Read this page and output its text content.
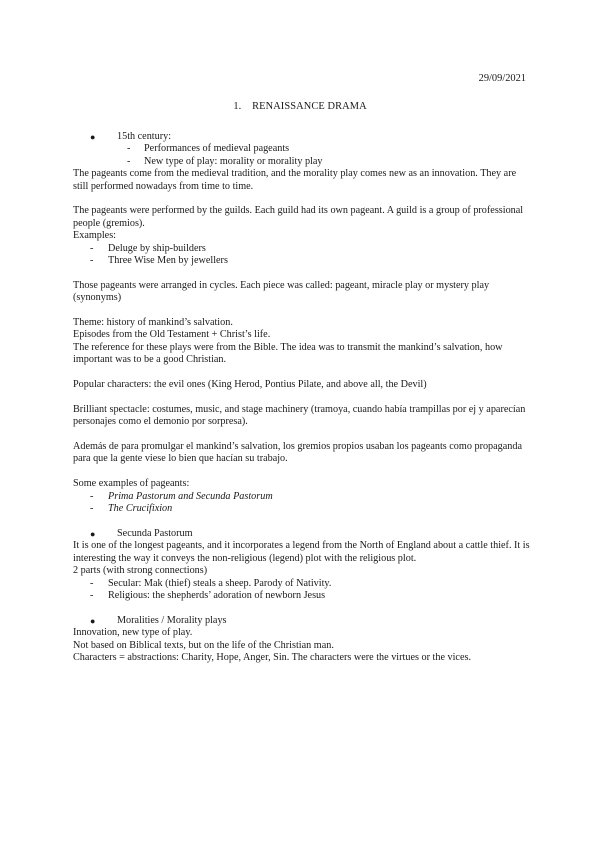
29/09/2021
1. RENAISSANCE DRAMA
● 15th century:
- Performances of medieval pageants
- New type of play: morality or morality play

The pageants come from the medieval tradition, and the morality play comes new as an innovation. They are still performed nowadays from time to time.

The pageants were performed by the guilds. Each guild had its own pageant. A guild is a group of professional people (gremios).

Examples:

- Deluge by ship-builders
- Three Wise Men by jewellers

Those pageants were arranged in cycles. Each piece was called: pageant, miracle play or mystery play (synonyms)

Theme: history of mankind’s salvation.

Episodes from the Old Testament + Christ’s life.

The reference for these plays were from the Bible. The idea was to transmit the mankind’s salvation, how important was to be a good Christian.

Popular characters: the evil ones (King Herod, Pontius Pilate, and above all, the Devil)

Brilliant spectacle: costumes, music, and stage machinery (tramoya, cuando había trampillas por ej y aparecían personajes como el demonio por sorpresa).

Además de para promulgar el mankind’s salvation, los gremios propios usaban los pageants como propaganda para que la gente viese lo bien que hacían su trabajo.

Some examples of pageants:

- Prima Pastorum and Secunda Pastorum
- The Crucifixion
● Secunda Pastorum

It is one of the longest pageants, and it incorporates a legend from the North of England about a cattle thief. It is interesting the way it conveys the non-religious (legend) plot with the religious plot.

2 parts (with strong connections)

- Secular: Mak (thief) steals a sheep. Parody of Nativity.
- Religious: the shepherds’ adoration of newborn Jesus
● Moralities / Morality plays

Innovation, new type of play.

Not based on Biblical texts, but on the life of the Christian man.

Characters = abstractions: Charity, Hope, Anger, Sin. The characters were the virtues or the vices.
